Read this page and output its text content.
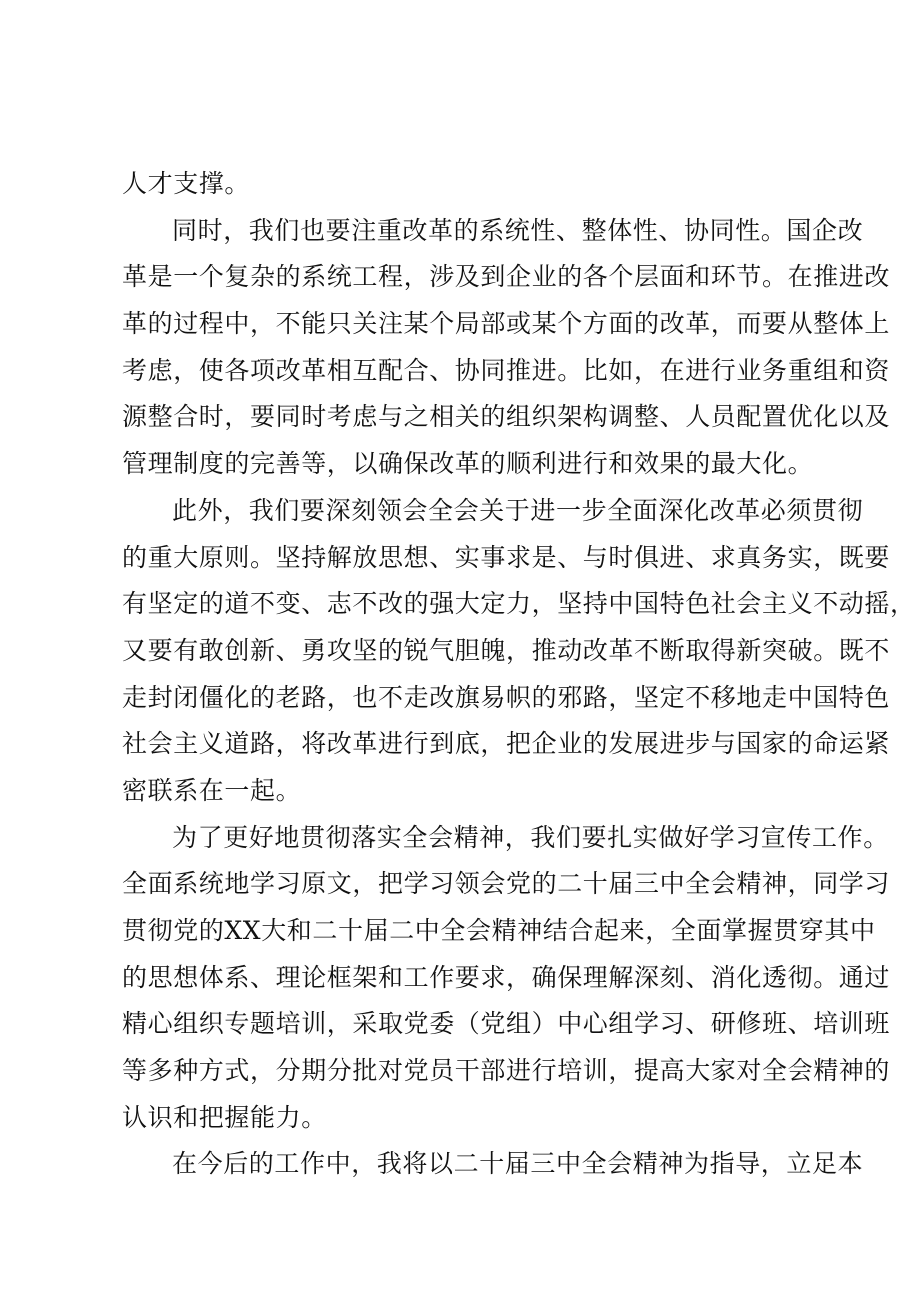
人才支撑。
同时，我们也要注重改革的系统性、整体性、协同性。国企改
革是一个复杂的系统工程，涉及到企业的各个层面和环节。在推进改
革的过程中，不能只关注某个局部或某个方面的改革，而要从整体上
考虑，使各项改革相互配合、协同推进。比如，在进行业务重组和资
源整合时，要同时考虑与之相关的组织架构调整、人员配置优化以及
管理制度的完善等，以确保改革的顺利进行和效果的最大化。
此外，我们要深刻领会全会关于进一步全面深化改革必须贯彻
的重大原则。坚持解放思想、实事求是、与时俱进、求真务实，既要
有坚定的道不变、志不改的强大定力，坚持中国特色社会主义不动摇，
又要有敢创新、勇攻坚的锐气胆魄，推动改革不断取得新突破。既不
走封闭僵化的老路，也不走改旗易帜的邪路，坚定不移地走中国特色
社会主义道路，将改革进行到底，把企业的发展进步与国家的命运紧
密联系在一起。
为了更好地贯彻落实全会精神，我们要扎实做好学习宣传工作。
全面系统地学习原文，把学习领会党的二十届三中全会精神，同学习
贯彻党的XX大和二十届二中全会精神结合起来，全面掌握贯穿其中
的思想体系、理论框架和工作要求，确保理解深刻、消化透彻。通过
精心组织专题培训，采取党委（党组）中心组学习、研修班、培训班
等多种方式，分期分批对党员干部进行培训，提高大家对全会精神的
认识和把握能力。
在今后的工作中，我将以二十届三中全会精神为指导，立足本
